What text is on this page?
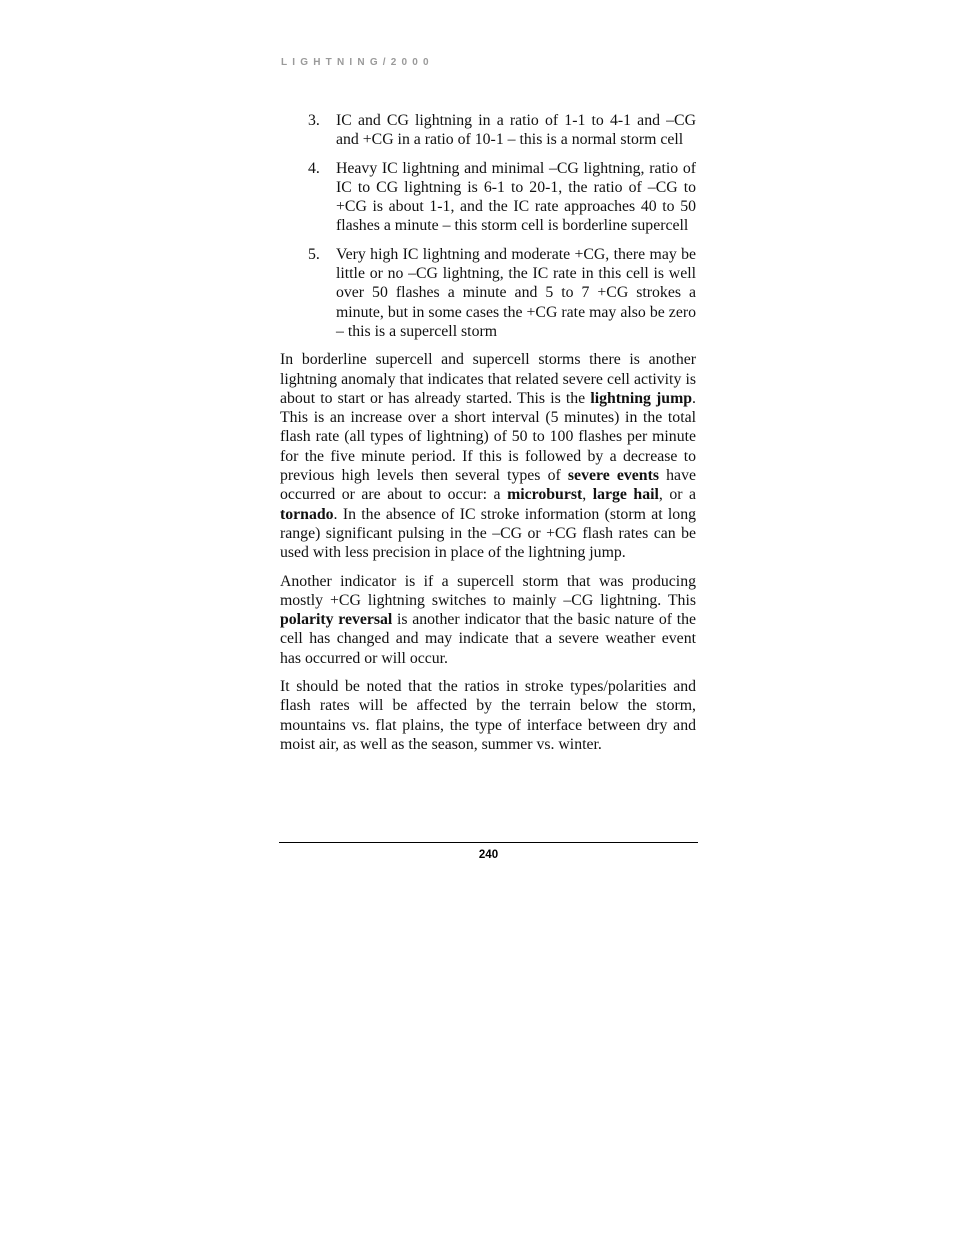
LIGHTNING/2000
3. IC and CG lightning in a ratio of 1-1 to 4-1 and –CG and +CG in a ratio of 10-1 – this is a normal storm cell
4. Heavy IC lightning and minimal –CG lightning, ratio of IC to CG lightning is 6-1 to 20-1, the ratio of –CG to +CG is about 1-1, and the IC rate approaches 40 to 50 flashes a minute – this storm cell is borderline supercell
5. Very high IC lightning and moderate +CG, there may be little or no –CG lightning, the IC rate in this cell is well over 50 flashes a minute and 5 to 7 +CG strokes a minute, but in some cases the +CG rate may also be zero – this is a supercell storm

In borderline supercell and supercell storms there is another lightning anomaly that indicates that related severe cell activity is about to start or has already started. This is the lightning jump. This is an increase over a short interval (5 minutes) in the total flash rate (all types of lightning) of 50 to 100 flashes per minute for the five minute period. If this is followed by a decrease to previous high levels then several types of severe events have occurred or are about to occur: a microburst, large hail, or a tornado. In the absence of IC stroke information (storm at long range) significant pulsing in the –CG or +CG flash rates can be used with less precision in place of the lightning jump.

Another indicator is if a supercell storm that was producing mostly +CG lightning switches to mainly –CG lightning. This polarity reversal is another indicator that the basic nature of the cell has changed and may indicate that a severe weather event has occurred or will occur.

It should be noted that the ratios in stroke types/polarities and flash rates will be affected by the terrain below the storm, mountains vs. flat plains, the type of interface between dry and moist air, as well as the season, summer vs. winter.

240
